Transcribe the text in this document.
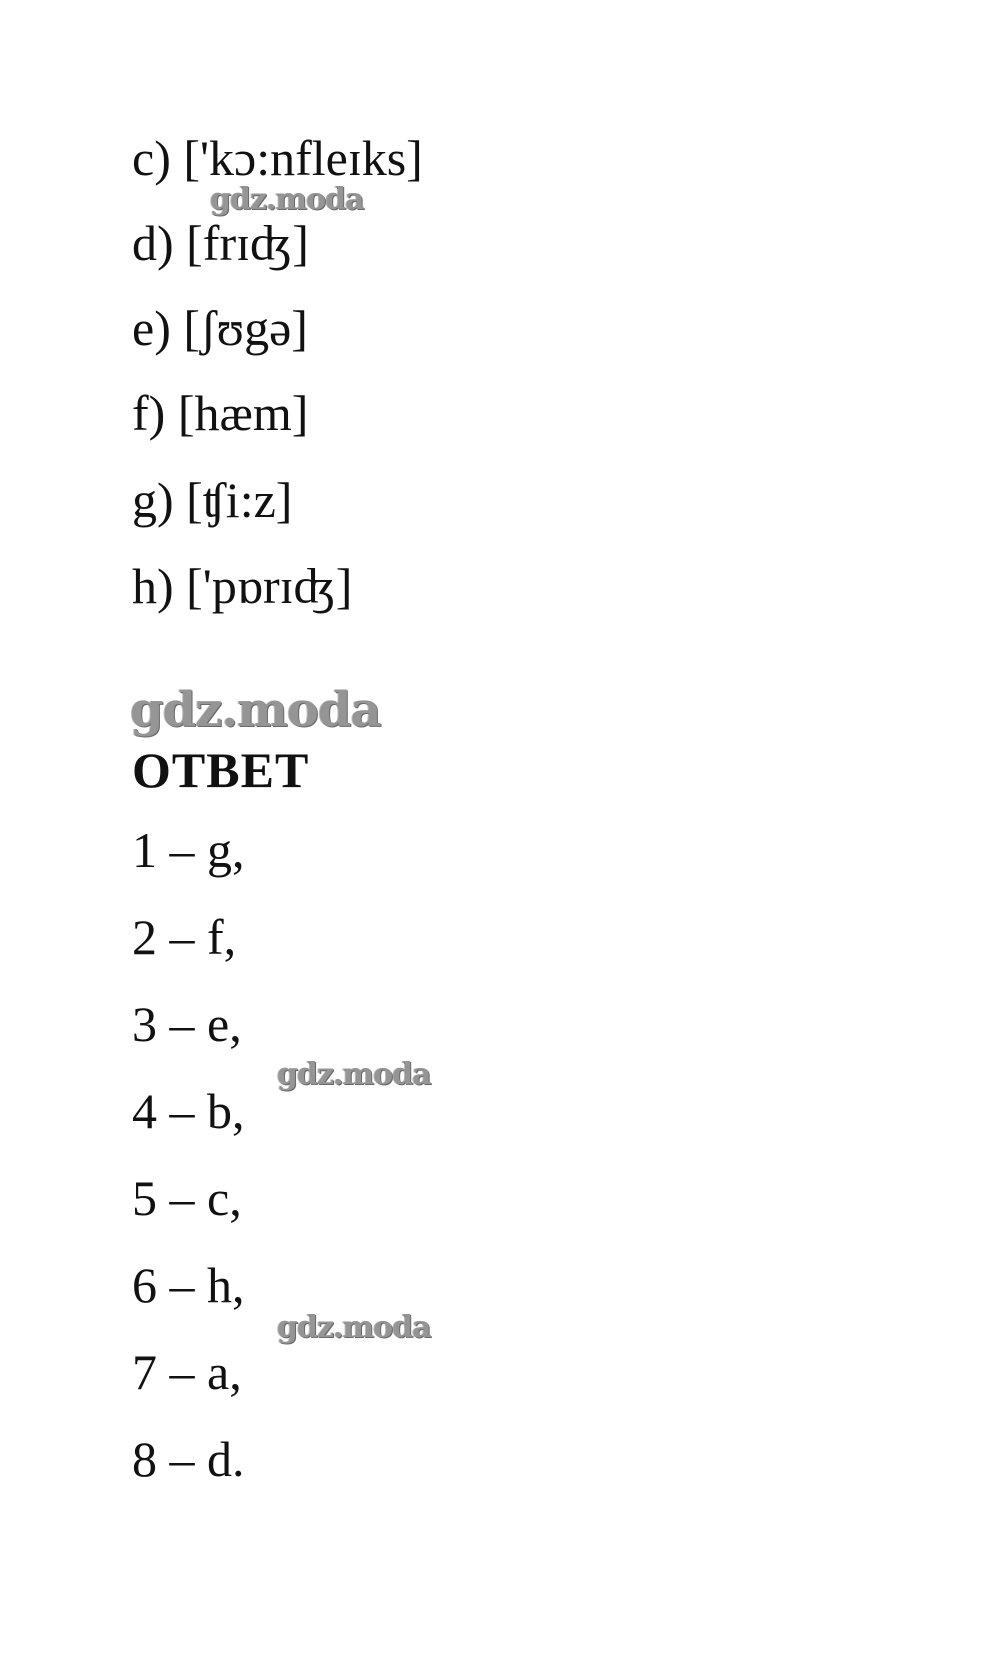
c) ['kɔ:nfleɪks]
d) [frɪʤ]
e) [ʃʊgə]
f) [hæm]
g) [ʧi:z]
h) ['pɒrɪʤ]
ОТВЕТ
1 – g,
2 – f,
3 – e,
4 – b,
5 – c,
6 – h,
7 – a,
8 – d.
gdz.moda
gdz.moda
gdz.moda
gdz.moda
